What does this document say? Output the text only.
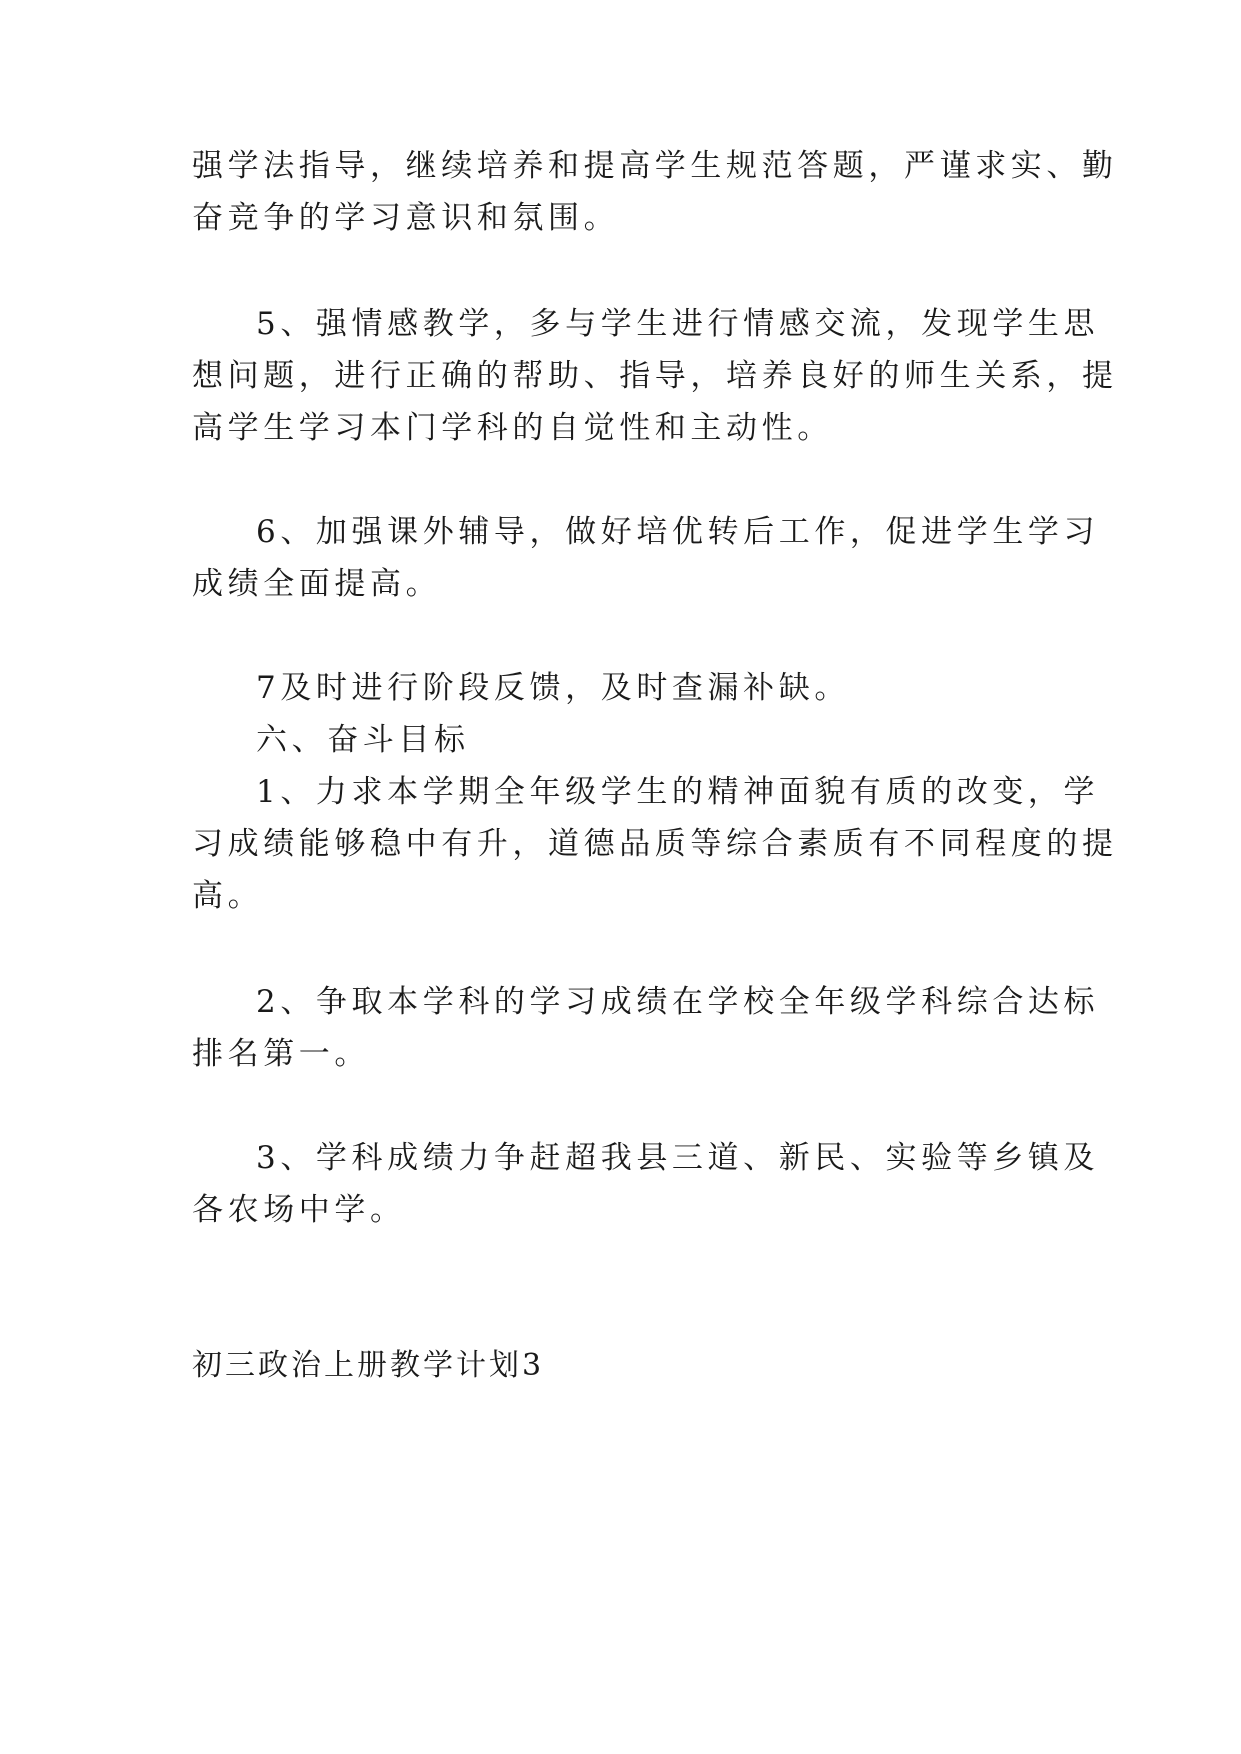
强学法指导，继续培养和提高学生规范答题，严谨求实、勤
奋竞争的学习意识和氛围。
5、强情感教学，多与学生进行情感交流，发现学生思
想问题，进行正确的帮助、指导，培养良好的师生关系，提
高学生学习本门学科的自觉性和主动性。
6、加强课外辅导，做好培优转后工作，促进学生学习
成绩全面提高。
7及时进行阶段反馈，及时查漏补缺。
六、奋斗目标
1、力求本学期全年级学生的精神面貌有质的改变，学
习成绩能够稳中有升，道德品质等综合素质有不同程度的提
高。
2、争取本学科的学习成绩在学校全年级学科综合达标
排名第一。
3、学科成绩力争赶超我县三道、新民、实验等乡镇及
各农场中学。
初三政治上册教学计划3
